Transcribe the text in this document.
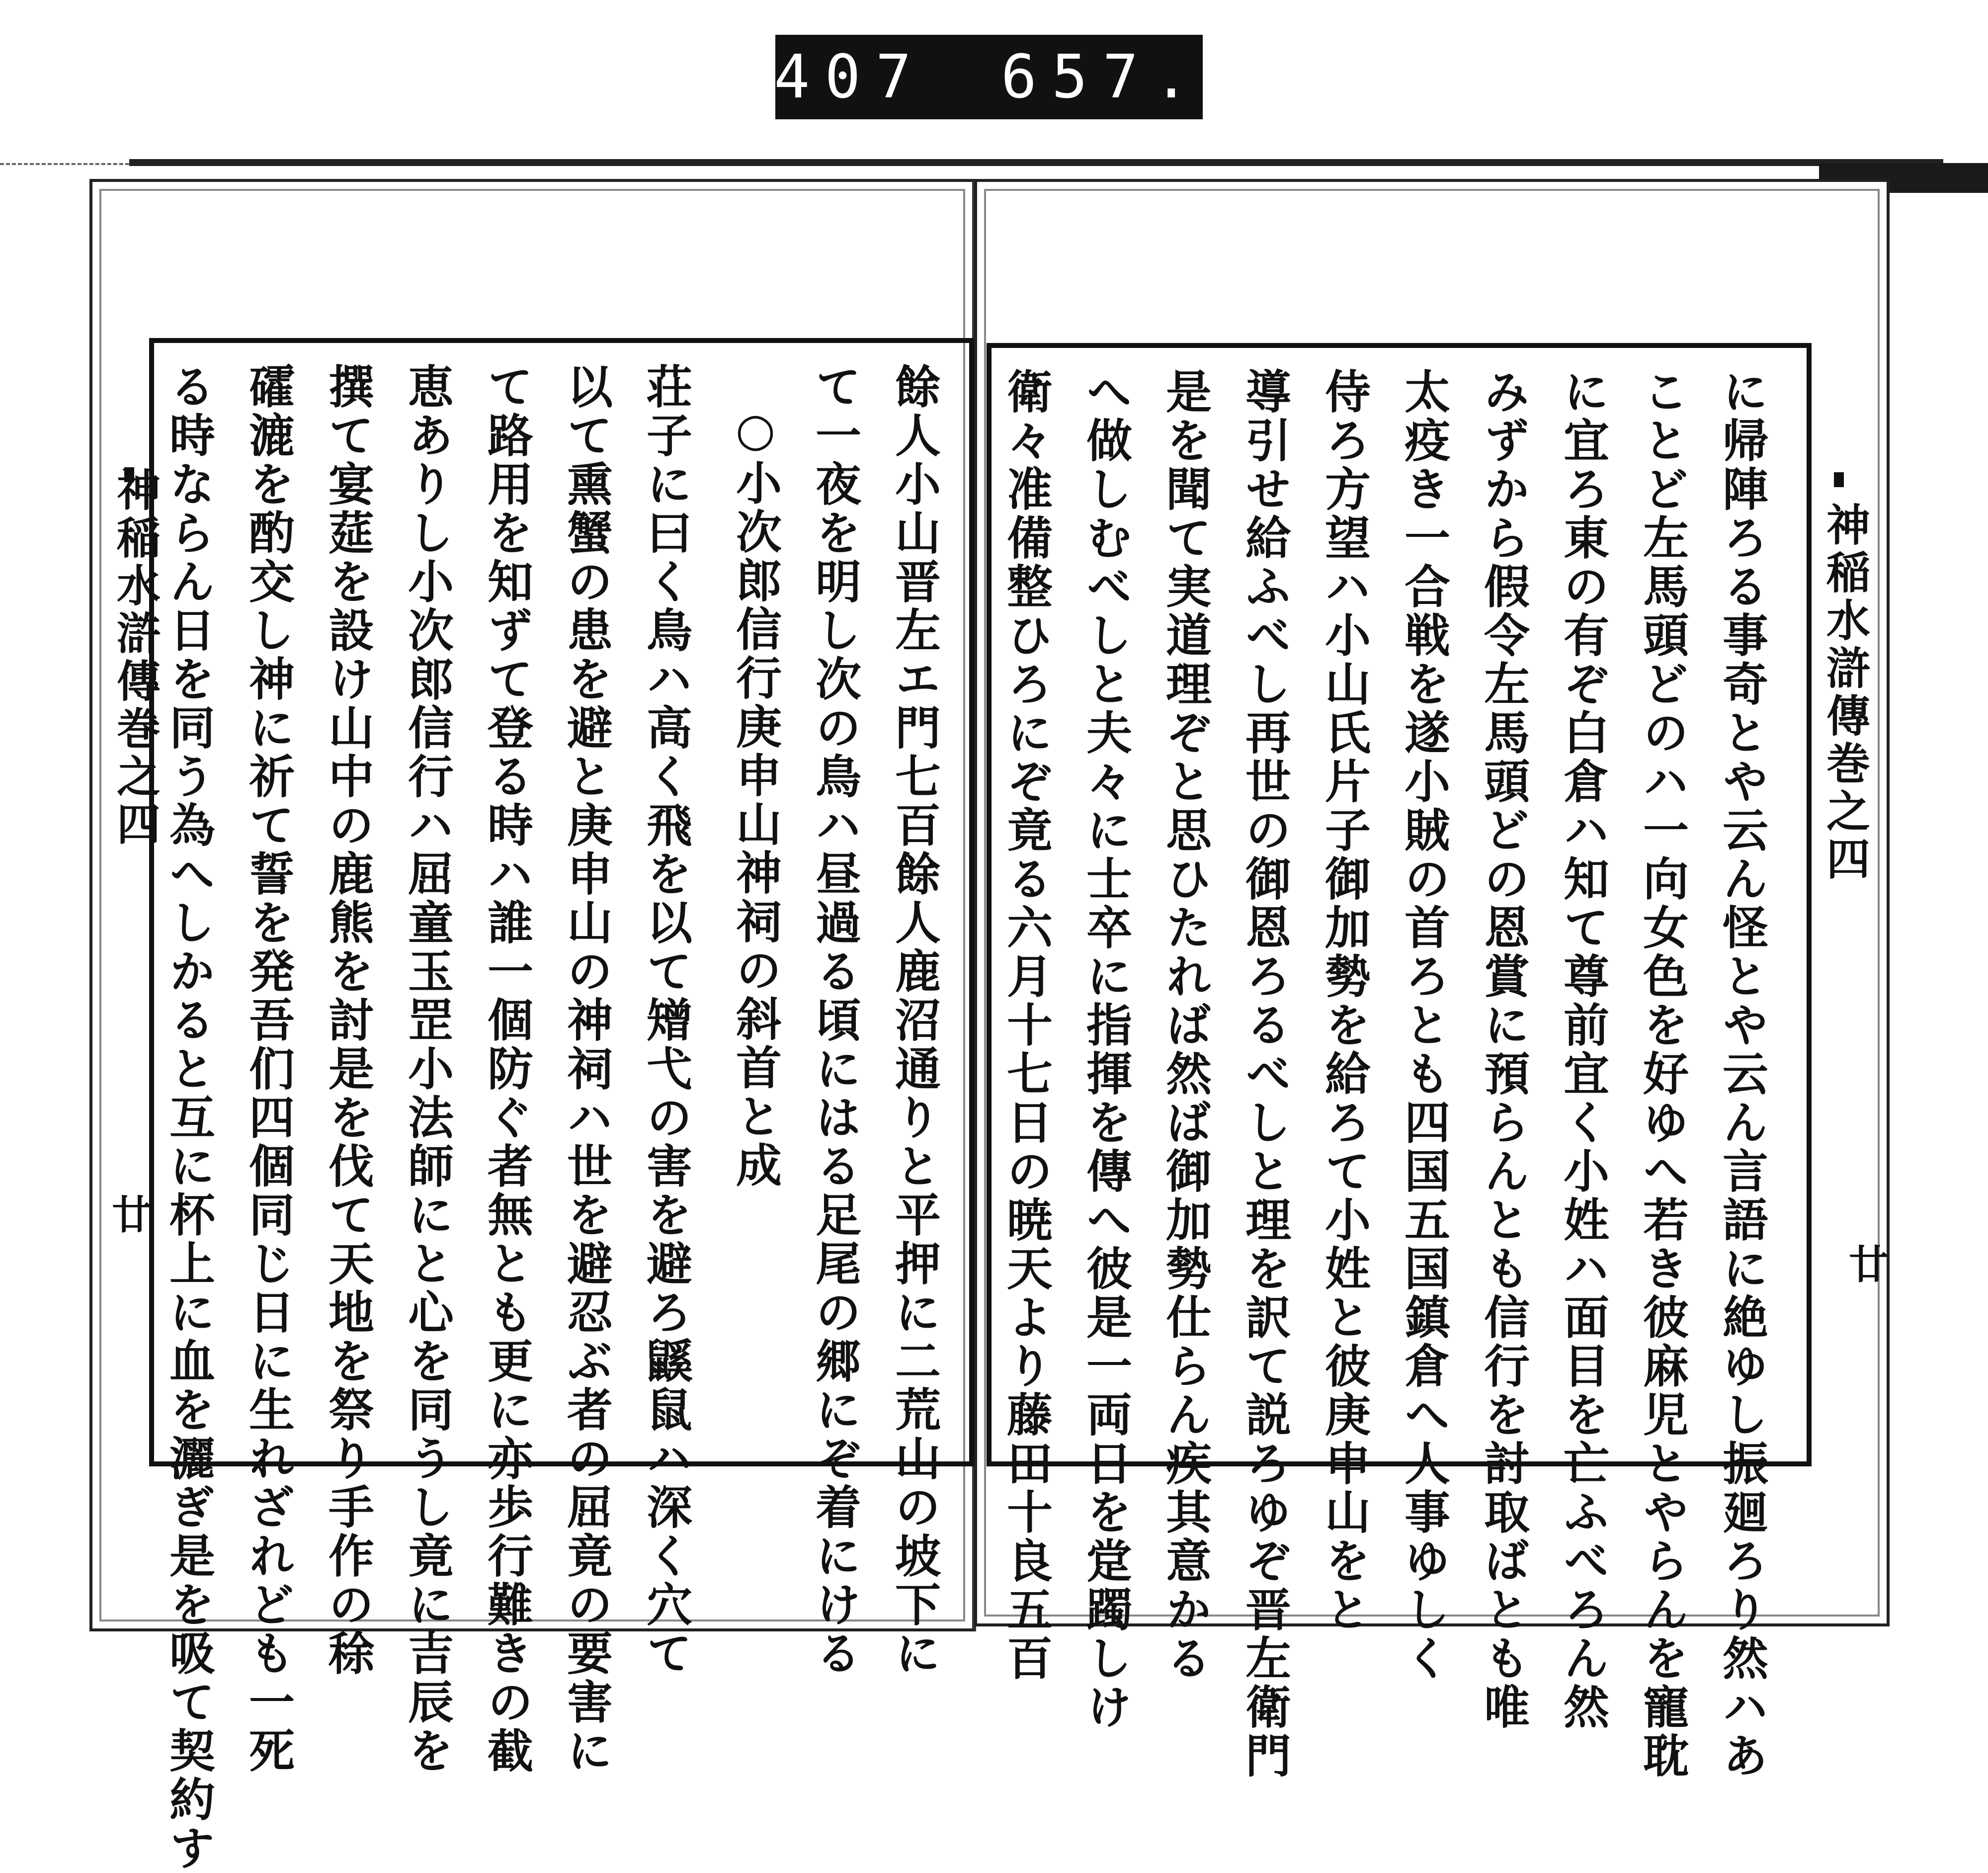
407 657.
神稲水滸傳巻之四
廿
神稲水滸傳巻之四
廿
る時ならん日を同う為へしかると互に杯上に血を灑ぎ是を吸て契約す 礭漉を酌交し神に祈て誓を発吾们四個同じ日に生れざれども一死 撰て宴莚を設け山中の鹿熊を討是を伐て天地を祭り手作の稌 恵ありし小次郎信行ハ屈童玉罡小法師にと心を同うし竟に吉辰を て路用を知ずて登る時ハ誰一個防ぐ者無とも更に亦歩行難きの截 以て熏蟹の患を避と庚申山の神祠ハ世を避忍ぶ者の屈竟の要害に 荘子に曰く鳥ハ高く飛を以て矰弋の害を避ろ鼷鼠ハ深く穴て ○小次郎信行庚申山神祠の斜首と成 て一夜を明し次の鳥ハ昼過る頃にはる足尾の郷にぞ着にける 餘人小山晋左エ門七百餘人鹿沼通りと平押に二荒山の坡下に 衛々准備整ひろにぞ竟る六月十七日の暁天より藤田十良五百 へ做しむべしと夫々に士卒に指揮を傳へ彼是一両日を䟫躅しけ 是を聞て実道理ぞと思ひたれば然ば御加勢仕らん疾其意かる 導引せ給ふべし再世の御恩ろるべしと理を訳て説ろゆぞ晋左衛門 侍ろ方望ハ小山氏片子御加勢を給ろて小姓と彼庚申山をと 太疫き一合戦を遂小賊の首ろとも四国五国鎮倉へ人事ゆしく みずから假令左馬頭どの恩賞に預らんとも信行を討取ばとも唯 に宜ろ東の有ぞ白倉ハ知て尊前宜く小姓ハ面目を亡ふべろん然 ことど左馬頭どのハ一向女色を好ゆへ若き彼麻児とやらんを寵耽 に帰陣ろる事奇とや云ん怪とや云ん言語に絶ゆし振廻ろり然ハあ
